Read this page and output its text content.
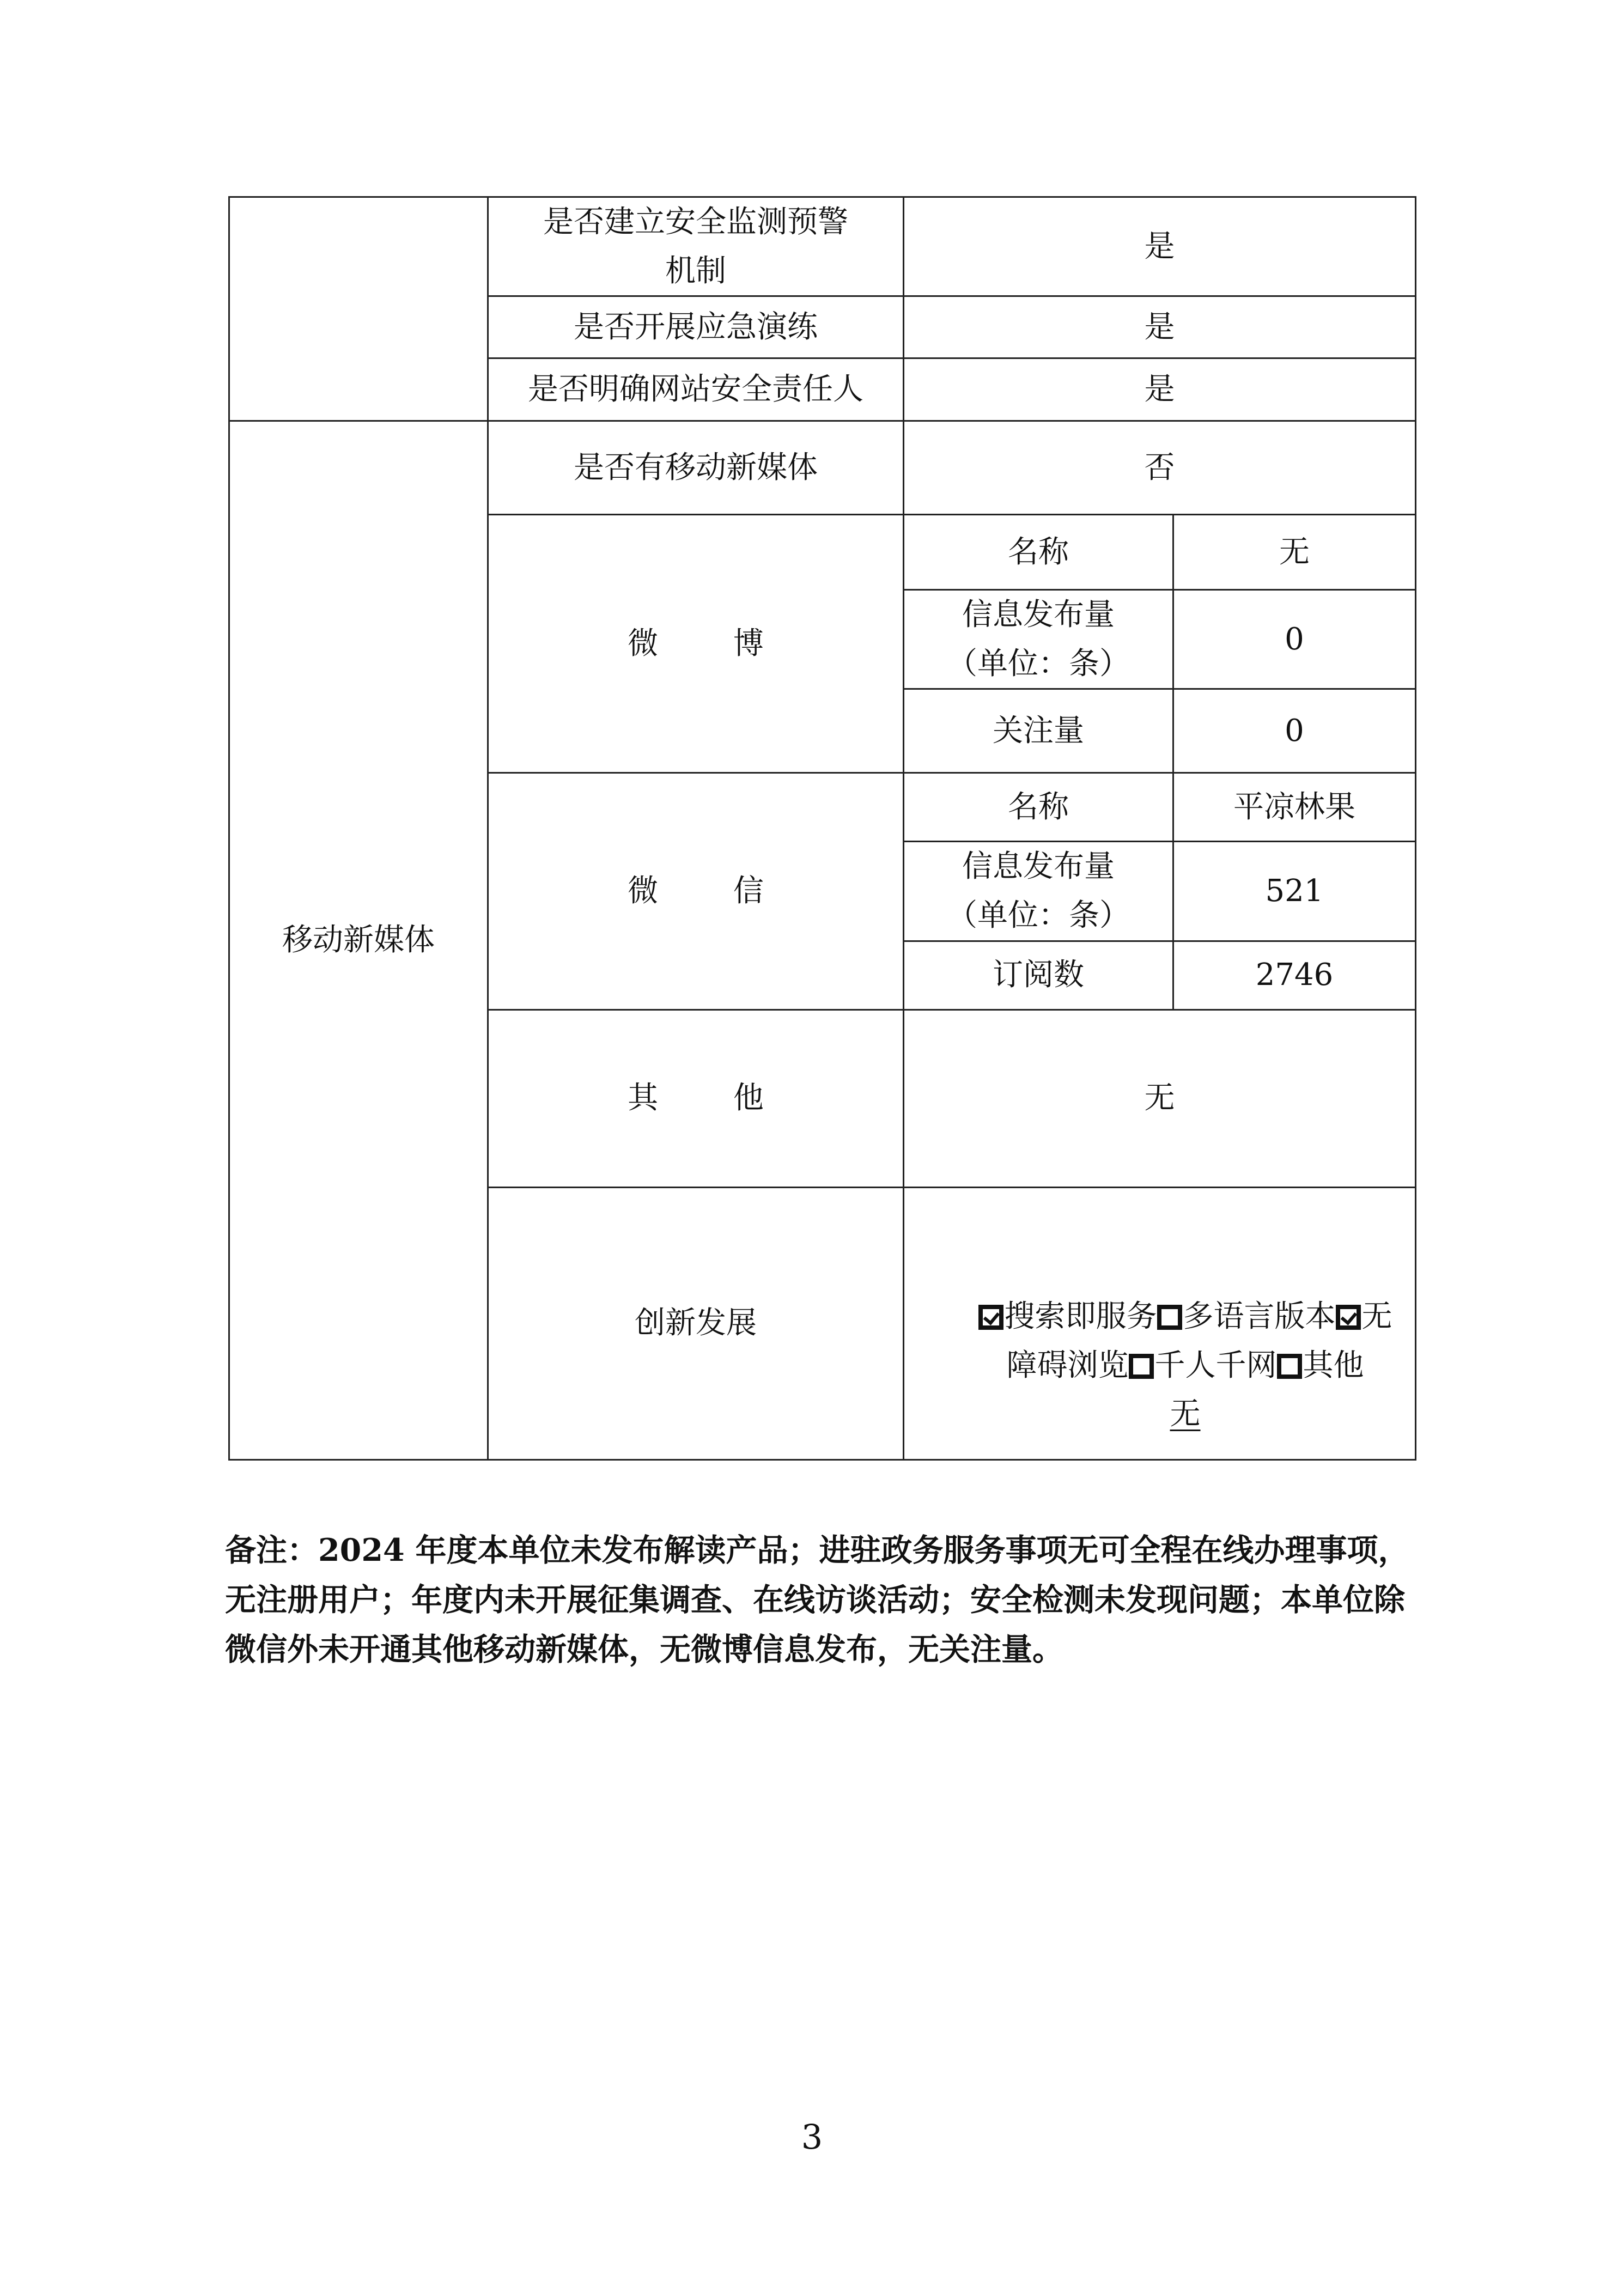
	是否建立安全监测预警机制	是	
	是否开展应急演练	是	
	是否明确网站安全责任人	是	
移动新媒体	是否有移动新媒体	否	
	微 博	名称	无
		信息发布量（单位：条）	0
		关注量	0
	微 信	名称	平凉林果
		信息发布量（单位：条）	521
		订阅数	2746
	其 他	无	
	创新发展	搜索即服务 多语言版本 无障碍浏览 千人千网 其他
无	
备注：2024 年度本单位未发布解读产品；进驻政务服务事项无可全程在线办理事项，无注册用户；年度内未开展征集调查、在线访谈活动；安全检测未发现问题；本单位除微信外未开通其他移动新媒体，无微博信息发布，无关注量。
3
